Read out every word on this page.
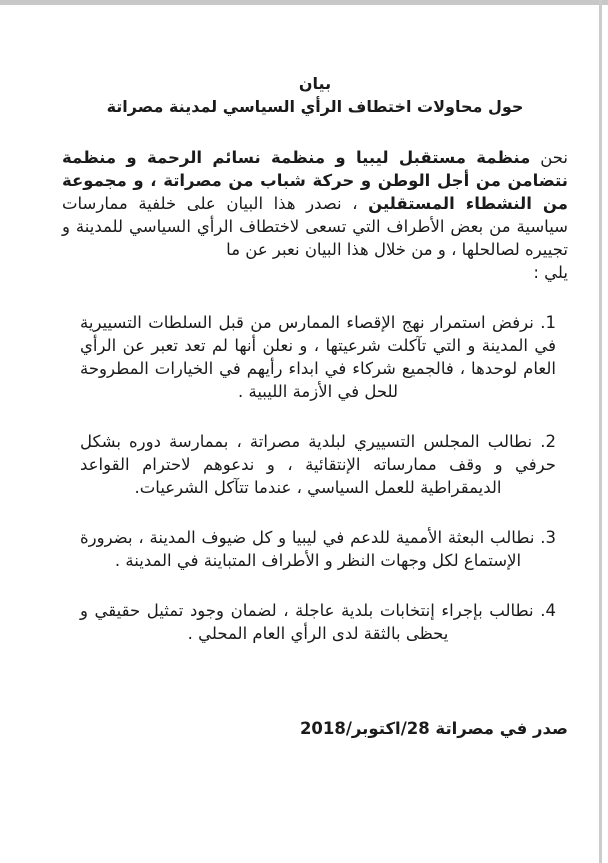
بيان
حول محاولات اختطاف الرأي السياسي لمدينة مصراتة
نحن منظمة مستقبل ليبيا و منظمة نسائم الرحمة و منظمة نتضامن من أجل الوطن و حركة شباب من مصراتة ، و مجموعة من النشطاء المستقلين ، نصدر هذا البيان على خلفية ممارسات سياسية من بعض الأطراف التي تسعى لاختطاف الرأي السياسي للمدينة و تجييره لصالحلها ، و من خلال هذا البيان نعبر عن ما
يلي :
1. نرفض استمرار نهج الإقصاء الممارس من قبل السلطات التسييرية في المدينة و التي تآكلت شرعيتها ، و نعلن أنها لم تعد تعبر عن الرأي العام لوحدها ، فالجميع شركاء في ابداء رأيهم في الخيارات المطروحة للحل في الأزمة الليبية .
2. نطالب المجلس التسييري لبلدية مصراتة ، بممارسة دوره بشكل حرفي و وقف ممارساته الإنتقائية ، و ندعوهم لاحترام القواعد الديمقراطية للعمل السياسي ، عندما تتآكل الشرعيات.
3. نطالب البعثة الأممية للدعم في ليبيا و كل ضيوف المدينة ، بضرورة الإستماع لكل وجهات النظر و الأطراف المتباينة في المدينة .
4. نطالب بإجراء إنتخابات بلدية عاجلة ، لضمان وجود تمثيل حقيقي و يحظى بالثقة لدى الرأي العام المحلي .
صدر في مصراتة 28/اكتوبر/2018
